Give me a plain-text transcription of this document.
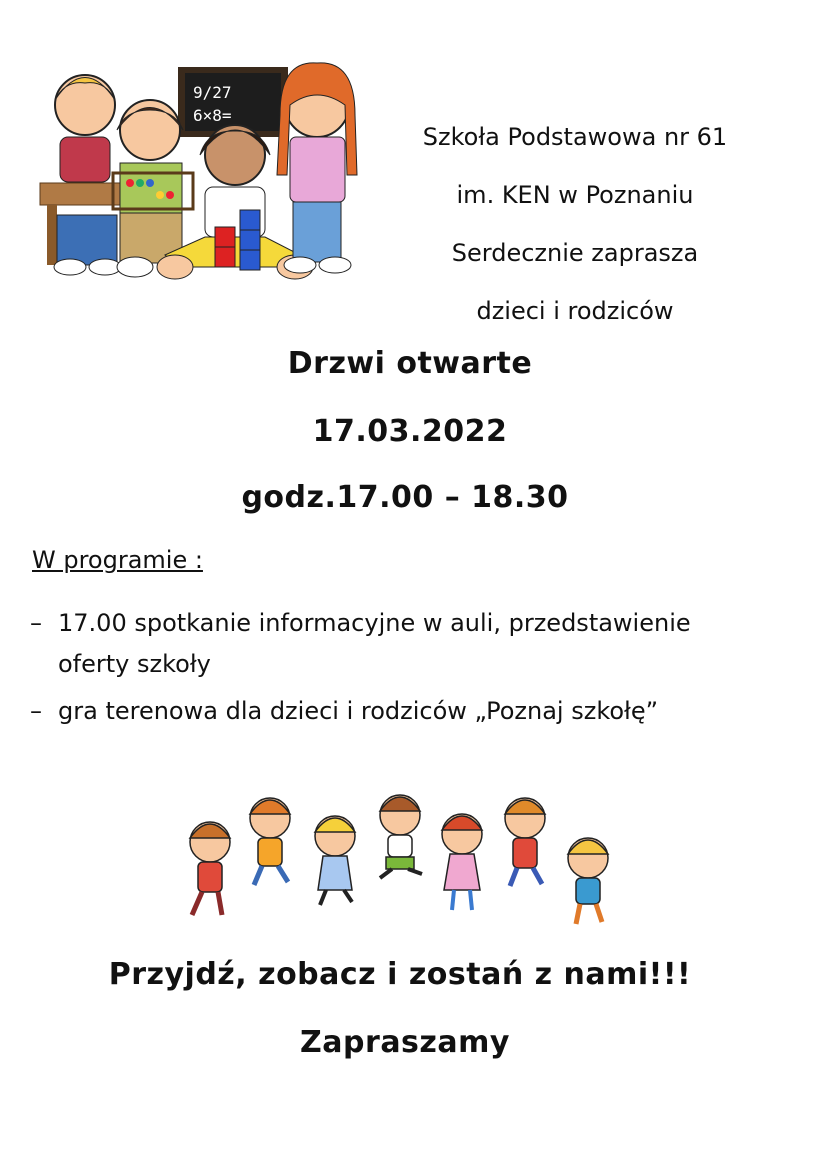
9/27
6×8=
Szkoła Podstawowa nr 61
im. KEN w Poznaniu
Serdecznie zaprasza
dzieci i rodziców
Drzwi otwarte
17.03.2022
godz.17.00 – 18.30
W programie :
– 17.00 spotkanie informacyjne w auli, przedstawienie
oferty szkoły
– gra terenowa dla dzieci i rodziców „Poznaj szkołę”
Przyjdź, zobacz i zostań z nami!!!
Zapraszamy
